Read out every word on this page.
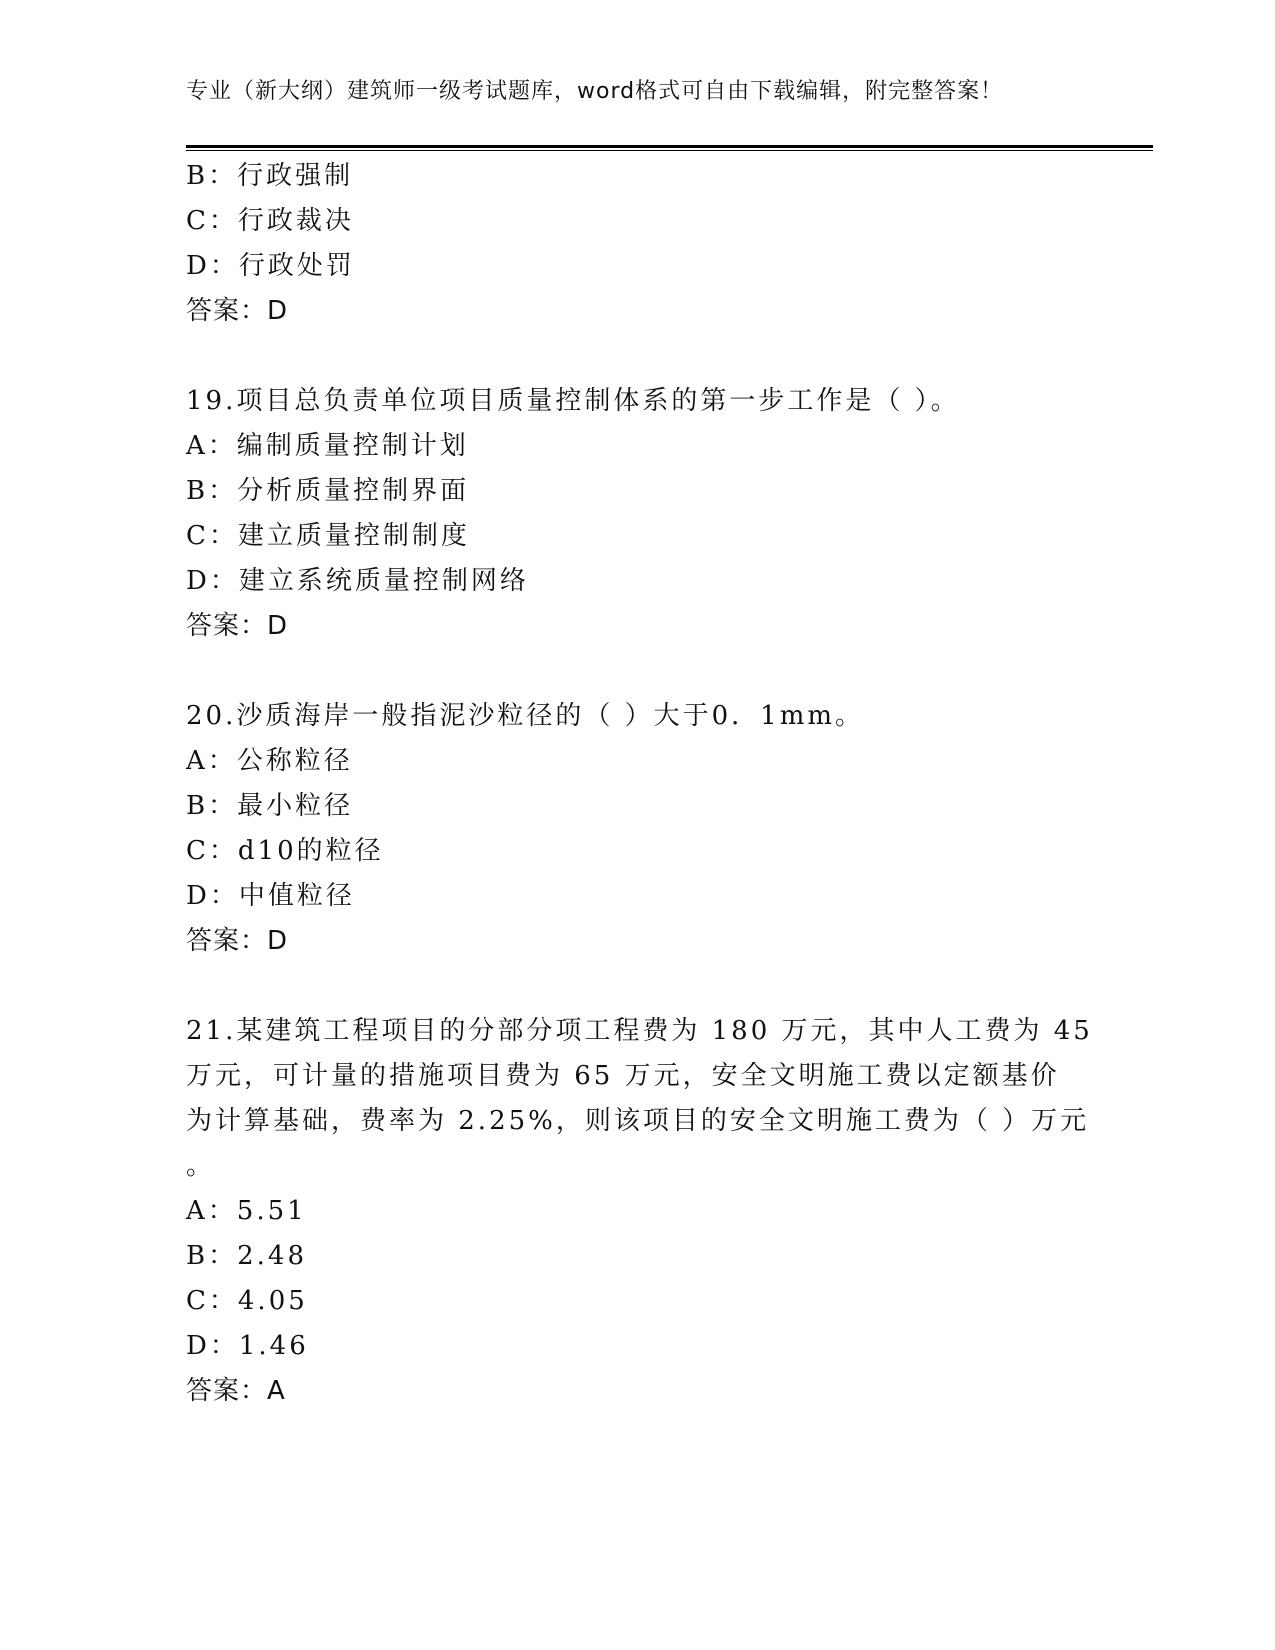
专业（新大纲）建筑师一级考试题库，word格式可自由下载编辑，附完整答案！
B：行政强制
C：行政裁决
D：行政处罚
答案：D
19.项目总负责单位项目质量控制体系的第一步工作是（ ）。
A：编制质量控制计划
B：分析质量控制界面
C：建立质量控制制度
D：建立系统质量控制网络
答案：D
20.沙质海岸一般指泥沙粒径的（ ）大于0．1mm。
A：公称粒径
B：最小粒径
C：d10的粒径
D：中值粒径
答案：D
21.某建筑工程项目的分部分项工程费为 180 万元，其中人工费为 45
万元，可计量的措施项目费为 65 万元，安全文明施工费以定额基价
为计算基础，费率为 2.25%，则该项目的安全文明施工费为（ ）万元
。
A：5.51
B：2.48
C：4.05
D：1.46
答案：A
